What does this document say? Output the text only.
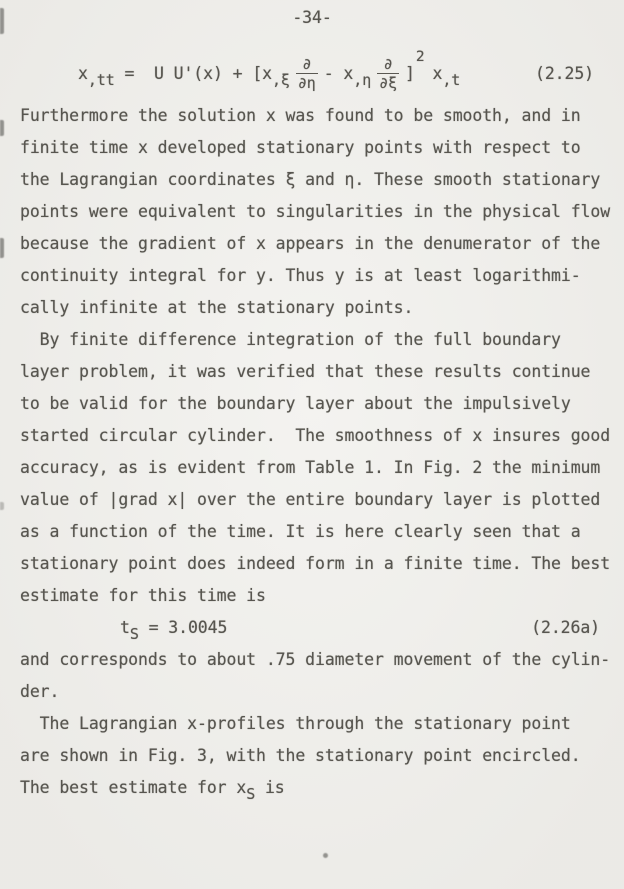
-34-
x,tt =  U U'(x) + [ $x,\xi \frac{\partial}{\partial\eta} - x,\eta \frac{\partial}{\partial\xi}$ ]
2
x,t	(2.25)
Furthermore the solution x was found to be smooth, and in
finite time x developed stationary points with respect to
the Lagrangian coordinates ξ and η. These smooth stationary
points were equivalent to singularities in the physical flow
because the gradient of x appears in the denumerator of the
continuity integral for y. Thus y is at least logarithmi-
cally infinite at the stationary points.
By finite difference integration of the full boundary
layer problem, it was verified that these results continue
to be valid for the boundary layer about the impulsively
started circular cylinder.  The smoothness of x insures good
accuracy, as is evident from Table 1. In Fig. 2 the minimum
value of |grad x| over the entire boundary layer is plotted
as a function of the time. It is here clearly seen that a
stationary point does indeed form in a finite time. The best
estimate for this time is
tS = 3.0045	(2.26a)
and corresponds to about .75 diameter movement of the cylin-
der.
The Lagrangian x-profiles through the stationary point
are shown in Fig. 3, with the stationary point encircled.
The best estimate for xS is
